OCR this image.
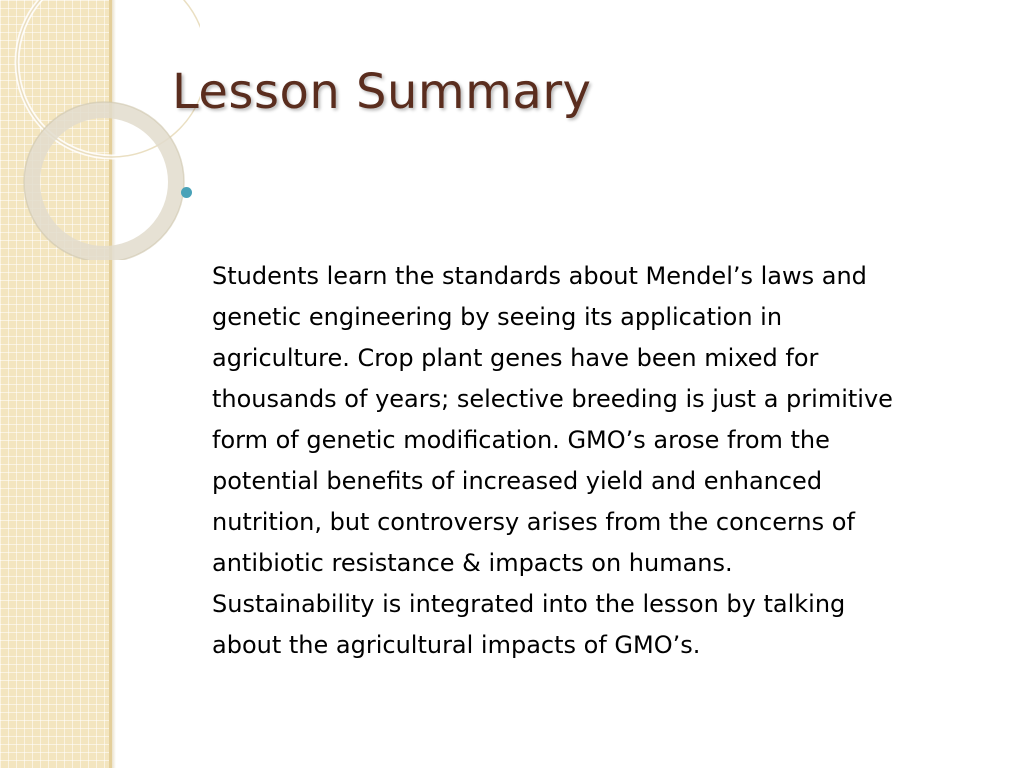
Lesson Summary

Students learn the standards about Mendel’s laws and
genetic engineering by seeing its application in
agriculture. Crop plant genes have been mixed for
thousands of years; selective breeding is just a primitive
form of genetic modification. GMO’s arose from the
potential benefits of increased yield and enhanced
nutrition, but controversy arises from the concerns of
antibiotic resistance & impacts on humans.
Sustainability is integrated into the lesson by talking
about the agricultural impacts of GMO’s.
